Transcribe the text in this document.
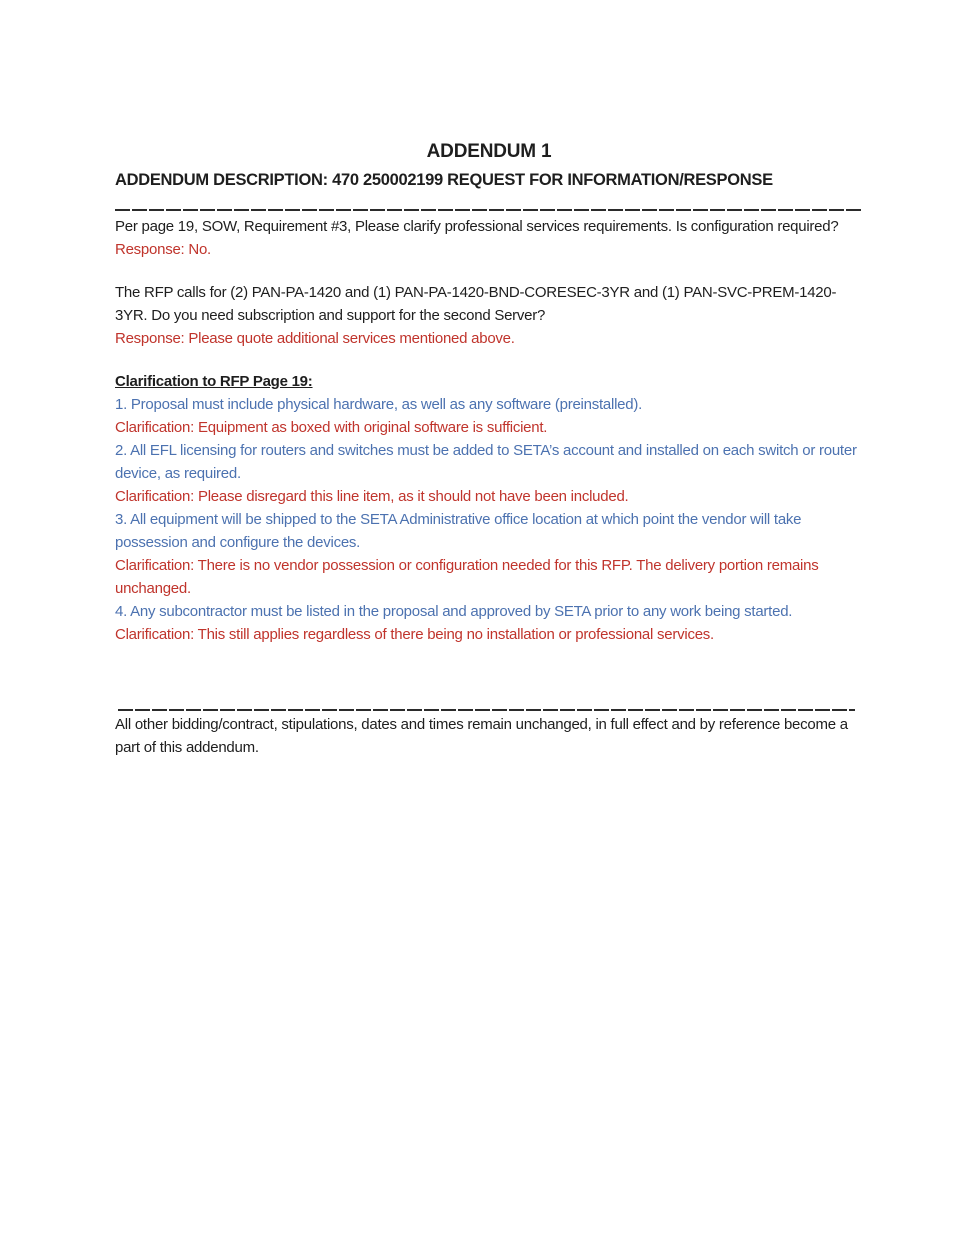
ADDENDUM 1
ADDENDUM DESCRIPTION: 470 250002199 REQUEST FOR INFORMATION/RESPONSE

Per page 19, SOW, Requirement #3, Please clarify professional services requirements. Is configuration required?

Response: No.

The RFP calls for (2) PAN-PA-1420 and (1) PAN-PA-1420-BND-CORESEC-3YR and (1) PAN-SVC-PREM-1420-3YR. Do you need subscription and support for the second Server?

Response: Please quote additional services mentioned above.

Clarification to RFP Page 19:

1. Proposal must include physical hardware, as well as any software (preinstalled).

Clarification: Equipment as boxed with original software is sufficient.

2. All EFL licensing for routers and switches must be added to SETA’s account and installed on each switch or router device, as required.

Clarification: Please disregard this line item, as it should not have been included.

3. All equipment will be shipped to the SETA Administrative office location at which point the vendor will take possession and configure the devices.

Clarification: There is no vendor possession or configuration needed for this RFP. The delivery portion remains unchanged.

4. Any subcontractor must be listed in the proposal and approved by SETA prior to any work being started.

Clarification: This still applies regardless of there being no installation or professional services.

All other bidding/contract, stipulations, dates and times remain unchanged, in full effect and by reference become a part of this addendum.
